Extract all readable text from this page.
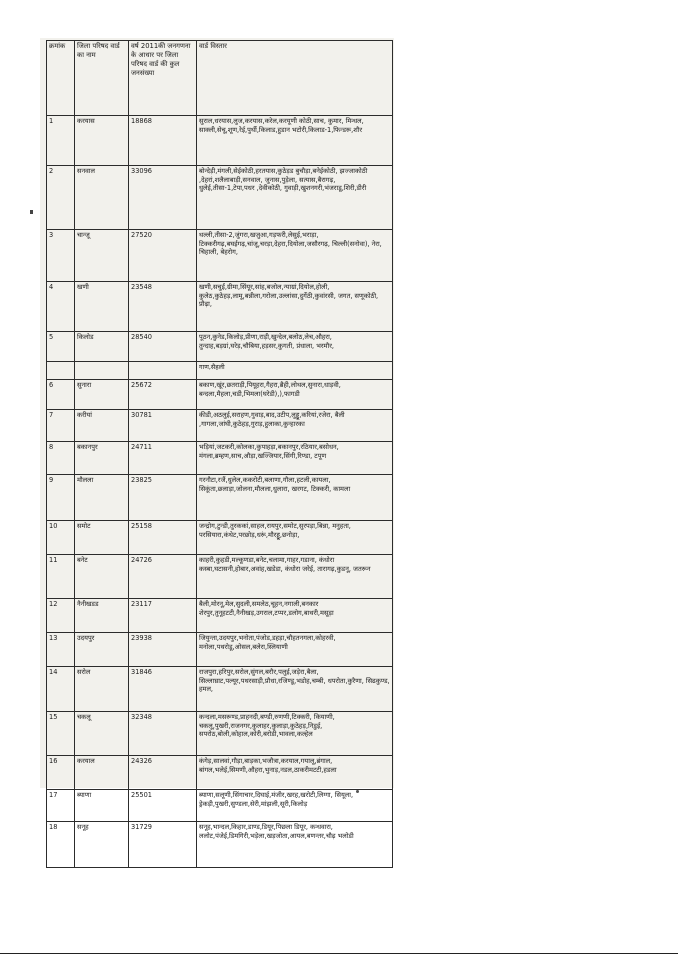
क्रमांक	जिला परिषद वार्ड का नाम	वर्ष 2011की जनगणना के आधार पर जिला परिषद वार्ड की कुल जनसंख्या	वार्ड विस्तार
1	करयास	18868	सुराल,धरयास,लुज,करयास,करेल,करयूणी कोठी,साच, कुमार, मिन्धल, साक्ली,सेचू,शूण,रेई,पुर्थी,किलाड,हुडान भटोरी,किलाड-1,फिन्डरू,शौर
2	सनवाल	33096	बोन्देड़ी,मंगली,सेईकोठी,हरतयास,कुठेड़ड बुचौड़ा,बनेईकोठी, झज्जाकोठी ,देहरां,शलैलाबाड़ी,सनवाल, जुनास,पुड़ेला, सत्यास,बैरागढ़, धुलेई,तीसा-1,टेपा,पधर ,देवीकोठी, गुवाड़ी,खुशनगरी,भंजराडू,शिरी,डीरी
3	चान्जू	27520	थल्ली,तीसा-2,जुंगरा,खजुआ,गड़फरी,लेसुई,भराड़ा, टिक्करीगढ़,बघईगढ़,चांजू,चरड़ा,देहरा,दियोला,जसौरगढ़, चिल्ली(सनोवा), नेरा, चिहाली, बेहरोग,
4	खणी	23548	खणी,सचुईं,ग्रीमा,सिंयूर,सांह,बजोल,न्याग्रां,दियोल,होली, कुलेठ,कुठेहड़,लामू,बन्नीला,गरोला,उल्लांसा,दुर्गेठी,कुवांरसी, जगत, सणूकोठी, प्रौढ़ा,
5	किलोड	28540	पूठन,कुनेड,किलोड़,प्रीणा,राड़ी,खुन्देल,बलोठ,लेच,औहरा, तुन्दाह,बड़ग्रां,घरेड़,चौबिया,हड़सर,कुगती, प्रंधाला, भरमौर,
			गाण,सैहली
6	सुनारा	25672	बकाण,खूंर,छतराड़ी,पियूहरा,गैहरा,ब्रैही,लोथल,सुनारा,धाड़वी, बन्दला,मैहला,चडी,भिमला(घरेडी),),फागडी
7	करीयां	30781	कीडी,अठलुई,सराहण,गुवाड़,बाद,उटीप,लुड्डू,करियां,रजेरा, बैली ,गागला,जांघी,कुठेहड़,गुराड़,हुलाका,कुन्हारका
8	बकानपुर	24711	भड़ियां,जटकरी,कोलका,कुपाहड़ा,बकानपुर,रठियार,बसोधन, मंगला,ब्रम्हण,साच,औड़ा,खज्जियार,सिंगी,रिण्डा, टपूण
9	मौलला	23825	गरनौटा,रजैं,धुलेल,ककरोटी,बलाणा,गौला,हटली,कायला, सिकूंता,छलाड़ा,जोलना,मौलला,धुलारा, खरगट, टिक्करी, कामला
10	समोट	25158	जन्द्रोग,टुन्डी,तुरककां,साहल,रायपुर,समोट,सुरपड़ा,बिन्ना, मनुहता, परसियारा,कंथेट,परछोड़,धरूं,मौरड्डू,छनोड़ा,
11	बनेट	24726	काहरी,कुहडी,मल्कूणडा,बनेट,चलामा,गाहर,गडाना, कंधोरा कस्बा,घटासनी,होबार,अवांह,खडेडा, कंधोरा जरेई, तारागढ़,कुडनू, जतरून
12	नैनीखडड	23117	बैली,मोरनू,मेल,सुदली,समलेठ,चूहन,नगाली,बनकार शेरपुर,तुनूहटटी,नैनीखड़,उगराल,टप्पर,डलोग,बाथरी,मसूड़ा
13	उदयपुर	23938	जियुन्ता,उदयपुर,भनोता,पंजोड,डहड़ा,चौहतनगला,कोहरवी, मनोला,पथरोडू,ओसल,बलेरा,स्लियाणी
14	सरोल	31846	राजपुरा,हरिपुर,सरोल,सुंगल,बरौर,पलुई,जड़ेरा,बैला, सिल्लाघ्राट,पल्यूर,पथरसाड़ी,प्रौधा,रजिण्डू,भडोह,चम्बी, धपरोता,कुरैणा, सिढकुण्ड, हमल,
15	चकलू	32348	कन्दला,मसरूण्ड,प्राहनदी,बण्डी,रुणणी,टिक्करी, कियाणी, चकलू,पुखरी,राजनगर,कुलाहर,कुलाड़ा,कुठेहड़,निडुई, सपरोठ,बोली,कोहाल,कोरी,बरोडी,भावला,कल्हेल
16	करयाल	24326	कंगेड़,सालवां,गौड़ा,बाड़का,भजौत्रा,करयाल,गयालू,ब्रंगाल, बांगल,भलेई,सिमणी,औहरा,भुनाड़,नडल,ठाकरीमटटी,हडला
17	ब्याणा	25501	ब्याणा,सलूणी,सिंगाचार,दिघाई,मंजीर,खरह,खरोटी,लिग्गा, सियूला, ड्रेकड़ी,पुखरी,सुण्डला,सेरी,मांझली,सूरी,किलोड़
18	सनूह	31729	सनूह,भान्दल,किहार,डाण्ड,डियूर,पिछला डियूर, कन्धवारा, ललोट,पंजेई,डिमगिरी,भड़ेला,खड़जोता,आयल,बणन्तर,चौढ़ भलोडी
